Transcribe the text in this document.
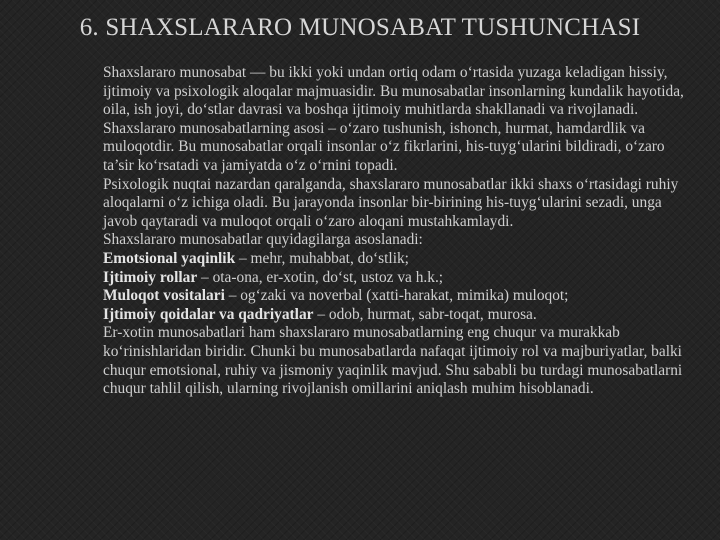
6. SHAXSLARARO MUNOSABAT TUSHUNCHASI

Shaxslararo munosabat — bu ikki yoki undan ortiq odam o‘rtasida yuzaga keladigan hissiy, ijtimoiy va psixologik aloqalar majmuasidir. Bu munosabatlar insonlarning kundalik hayotida, oila, ish joyi, do‘stlar davrasi va boshqa ijtimoiy muhitlarda shakllanadi va rivojlanadi.

Shaxslararo munosabatlarning asosi – o‘zaro tushunish, ishonch, hurmat, hamdardlik va muloqotdir. Bu munosabatlar orqali insonlar o‘z fikrlarini, his-tuyg‘ularini bildiradi, o‘zaro ta’sir ko‘rsatadi va jamiyatda o‘z o‘rnini topadi.

Psixologik nuqtai nazardan qaralganda, shaxslararo munosabatlar ikki shaxs o‘rtasidagi ruhiy aloqalarni o‘z ichiga oladi. Bu jarayonda insonlar bir-birining his-tuyg‘ularini sezadi, unga javob qaytaradi va muloqot orqali o‘zaro aloqani mustahkamlaydi.

Shaxslararo munosabatlar quyidagilarga asoslanadi:

Emotsional yaqinlik – mehr, muhabbat, do‘stlik;

Ijtimoiy rollar – ota-ona, er-xotin, do‘st, ustoz va h.k.;

Muloqot vositalari – og‘zaki va noverbal (xatti-harakat, mimika) muloqot;

Ijtimoiy qoidalar va qadriyatlar – odob, hurmat, sabr-toqat, murosa.

Er-xotin munosabatlari ham shaxslararo munosabatlarning eng chuqur va murakkab ko‘rinishlaridan biridir. Chunki bu munosabatlarda nafaqat ijtimoiy rol va majburiyatlar, balki chuqur emotsional, ruhiy va jismoniy yaqinlik mavjud. Shu sababli bu turdagi munosabatlarni chuqur tahlil qilish, ularning rivojlanish omillarini aniqlash muhim hisoblanadi.
